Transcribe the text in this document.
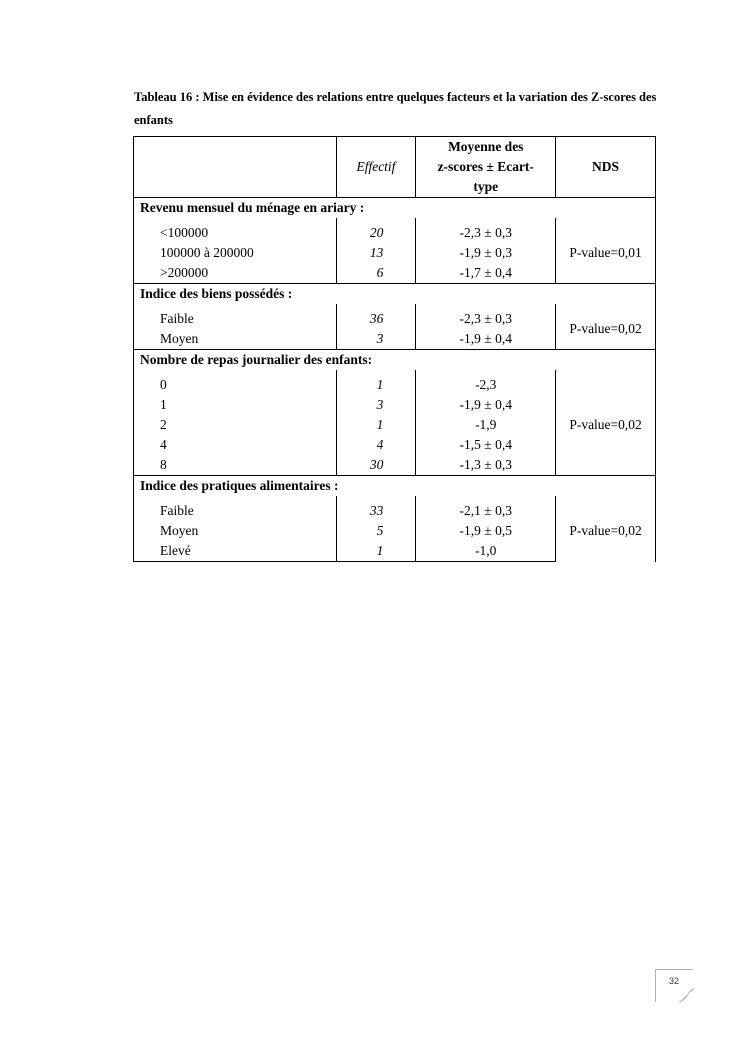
Tableau 16 : Mise en évidence des relations entre quelques facteurs et la variation des Z-scores des enfants
	Effectif	Moyenne des
z-scores ± Ecart-
type	NDS
Revenu mensuel du ménage en ariary :			

<100000	20	-2,3 ± 0,3	P-value=0,01
100000 à 200000	13	-1,9 ± 0,3	
>200000	6	-1,7 ± 0,4	
Indice des biens possédés :			

Faible	36	-2,3 ± 0,3	P-value=0,02
Moyen	3	-1,9 ± 0,4	
Nombre de repas journalier des enfants:			

0	1	-2,3	P-value=0,02
1	3	-1,9 ± 0,4	
2	1	-1,9	
4	4	-1,5 ± 0,4	
8	30	-1,3 ± 0,3	
Indice des pratiques alimentaires :			

Faible	33	-2,1 ± 0,3	P-value=0,02
Moyen	5	-1,9 ± 0,5	
Elevé	1	-1,0	
32
